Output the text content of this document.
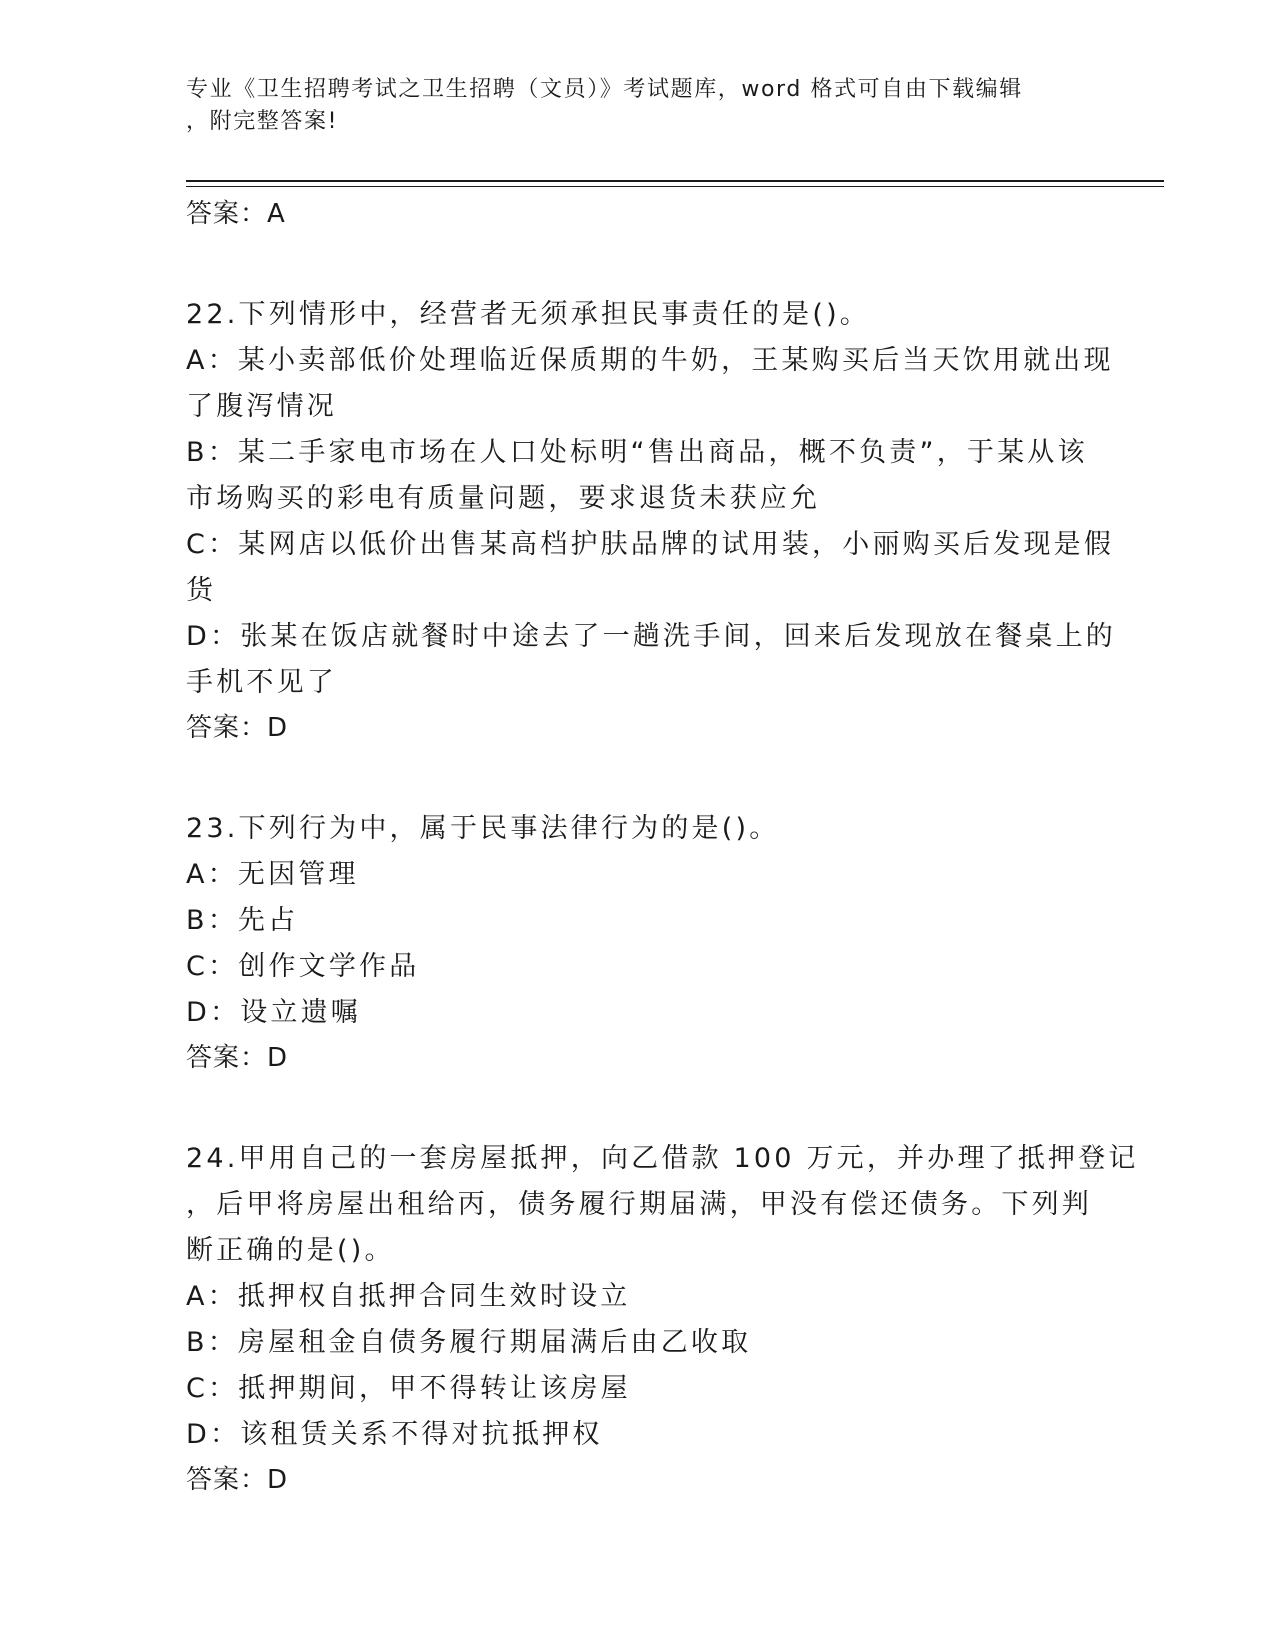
专业《卫生招聘考试之卫生招聘（文员）》考试题库，word 格式可自由下载编辑
，附完整答案!
答案：A
22.下列情形中，经营者无须承担民事责任的是()。
A：某小卖部低价处理临近保质期的牛奶，王某购买后当天饮用就出现
了腹泻情况
B：某二手家电市场在人口处标明“售出商品，概不负责”，于某从该
市场购买的彩电有质量问题，要求退货未获应允
C：某网店以低价出售某高档护肤品牌的试用装，小丽购买后发现是假
货
D：张某在饭店就餐时中途去了一趟洗手间，回来后发现放在餐桌上的
手机不见了
答案：D
23.下列行为中，属于民事法律行为的是()。
A：无因管理
B：先占
C：创作文学作品
D：设立遗嘱
答案：D
24.甲用自己的一套房屋抵押，向乙借款 100 万元，并办理了抵押登记
，后甲将房屋出租给丙，债务履行期届满，甲没有偿还债务。下列判
断正确的是()。
A：抵押权自抵押合同生效时设立
B：房屋租金自债务履行期届满后由乙收取
C：抵押期间，甲不得转让该房屋
D：该租赁关系不得对抗抵押权
答案：D
